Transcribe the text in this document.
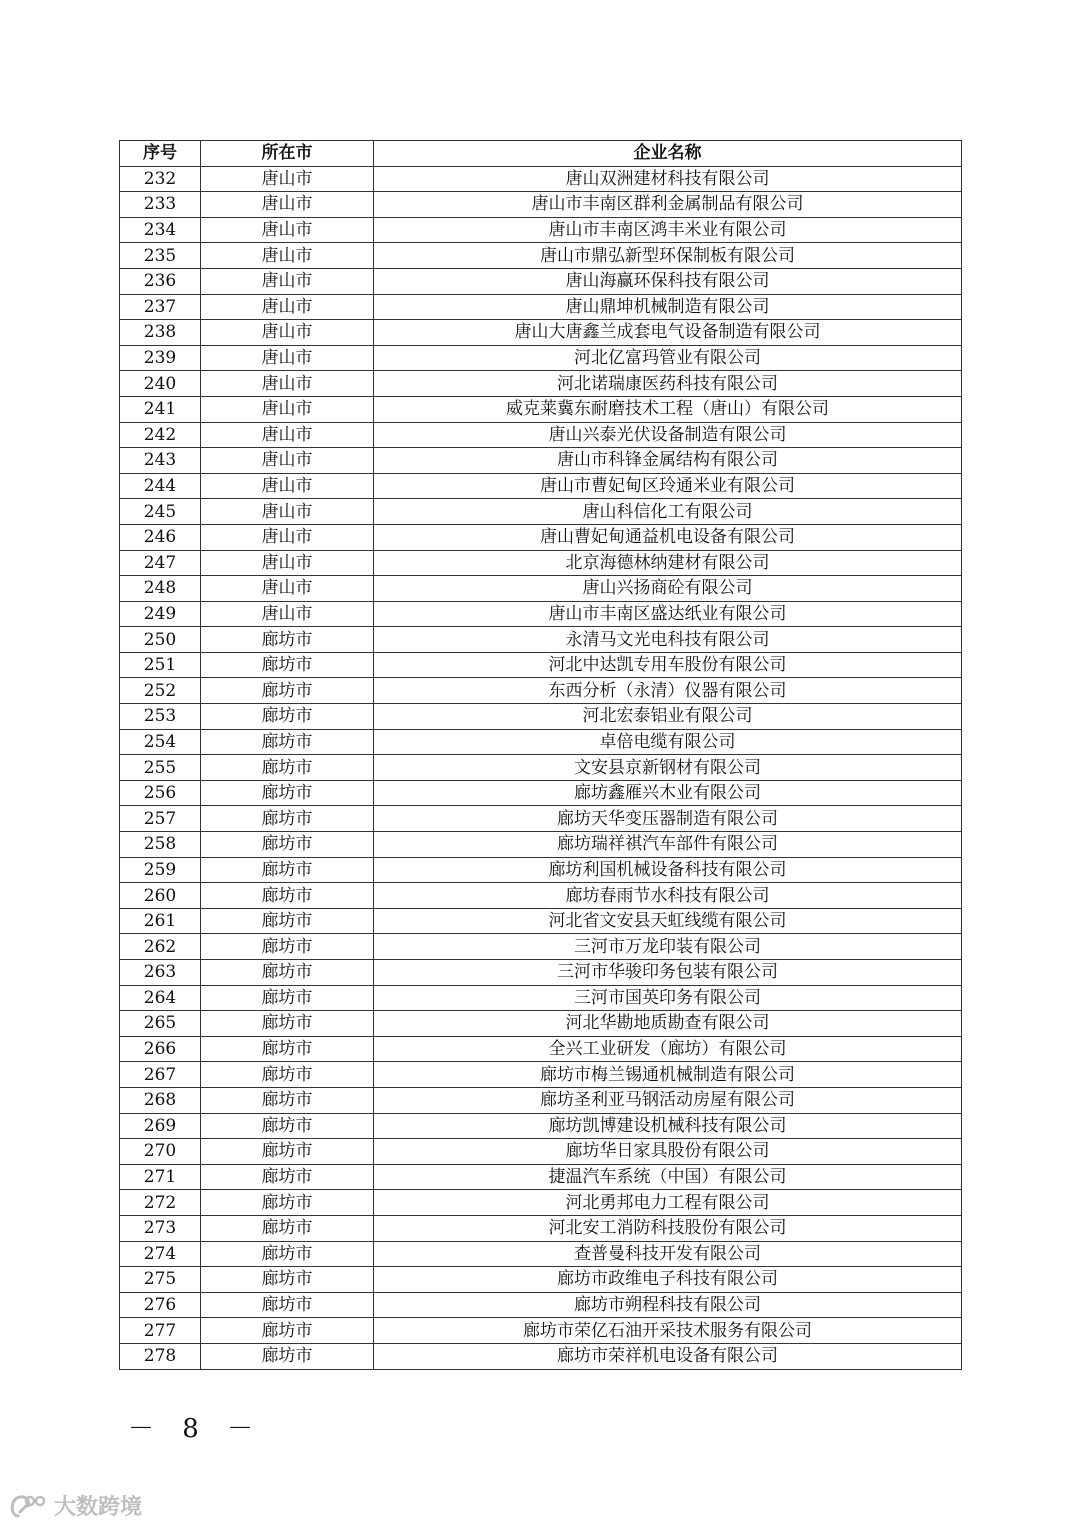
序号	所在市	企业名称
232	唐山市	唐山双洲建材科技有限公司
233	唐山市	唐山市丰南区群利金属制品有限公司
234	唐山市	唐山市丰南区鸿丰米业有限公司
235	唐山市	唐山市鼎弘新型环保制板有限公司
236	唐山市	唐山海赢环保科技有限公司
237	唐山市	唐山鼎坤机械制造有限公司
238	唐山市	唐山大唐鑫兰成套电气设备制造有限公司
239	唐山市	河北亿富玛管业有限公司
240	唐山市	河北诺瑞康医药科技有限公司
241	唐山市	威克莱冀东耐磨技术工程（唐山）有限公司
242	唐山市	唐山兴泰光伏设备制造有限公司
243	唐山市	唐山市科锋金属结构有限公司
244	唐山市	唐山市曹妃甸区玲通米业有限公司
245	唐山市	唐山科信化工有限公司
246	唐山市	唐山曹妃甸通益机电设备有限公司
247	唐山市	北京海德林纳建材有限公司
248	唐山市	唐山兴扬商砼有限公司
249	唐山市	唐山市丰南区盛达纸业有限公司
250	廊坊市	永清马文光电科技有限公司
251	廊坊市	河北中达凯专用车股份有限公司
252	廊坊市	东西分析（永清）仪器有限公司
253	廊坊市	河北宏泰铝业有限公司
254	廊坊市	卓倍电缆有限公司
255	廊坊市	文安县京新钢材有限公司
256	廊坊市	廊坊鑫雁兴木业有限公司
257	廊坊市	廊坊天华变压器制造有限公司
258	廊坊市	廊坊瑞祥祺汽车部件有限公司
259	廊坊市	廊坊利国机械设备科技有限公司
260	廊坊市	廊坊春雨节水科技有限公司
261	廊坊市	河北省文安县天虹线缆有限公司
262	廊坊市	三河市万龙印装有限公司
263	廊坊市	三河市华骏印务包装有限公司
264	廊坊市	三河市国英印务有限公司
265	廊坊市	河北华勘地质勘查有限公司
266	廊坊市	全兴工业研发（廊坊）有限公司
267	廊坊市	廊坊市梅兰锡通机械制造有限公司
268	廊坊市	廊坊圣利亚马钢活动房屋有限公司
269	廊坊市	廊坊凯博建设机械科技有限公司
270	廊坊市	廊坊华日家具股份有限公司
271	廊坊市	捷温汽车系统（中国）有限公司
272	廊坊市	河北勇邦电力工程有限公司
273	廊坊市	河北安工消防科技股份有限公司
274	廊坊市	查普曼科技开发有限公司
275	廊坊市	廊坊市政维电子科技有限公司
276	廊坊市	廊坊市朔程科技有限公司
277	廊坊市	廊坊市荣亿石油开采技术服务有限公司
278	廊坊市	廊坊市荣祥机电设备有限公司
－ 8 －
大数跨境
